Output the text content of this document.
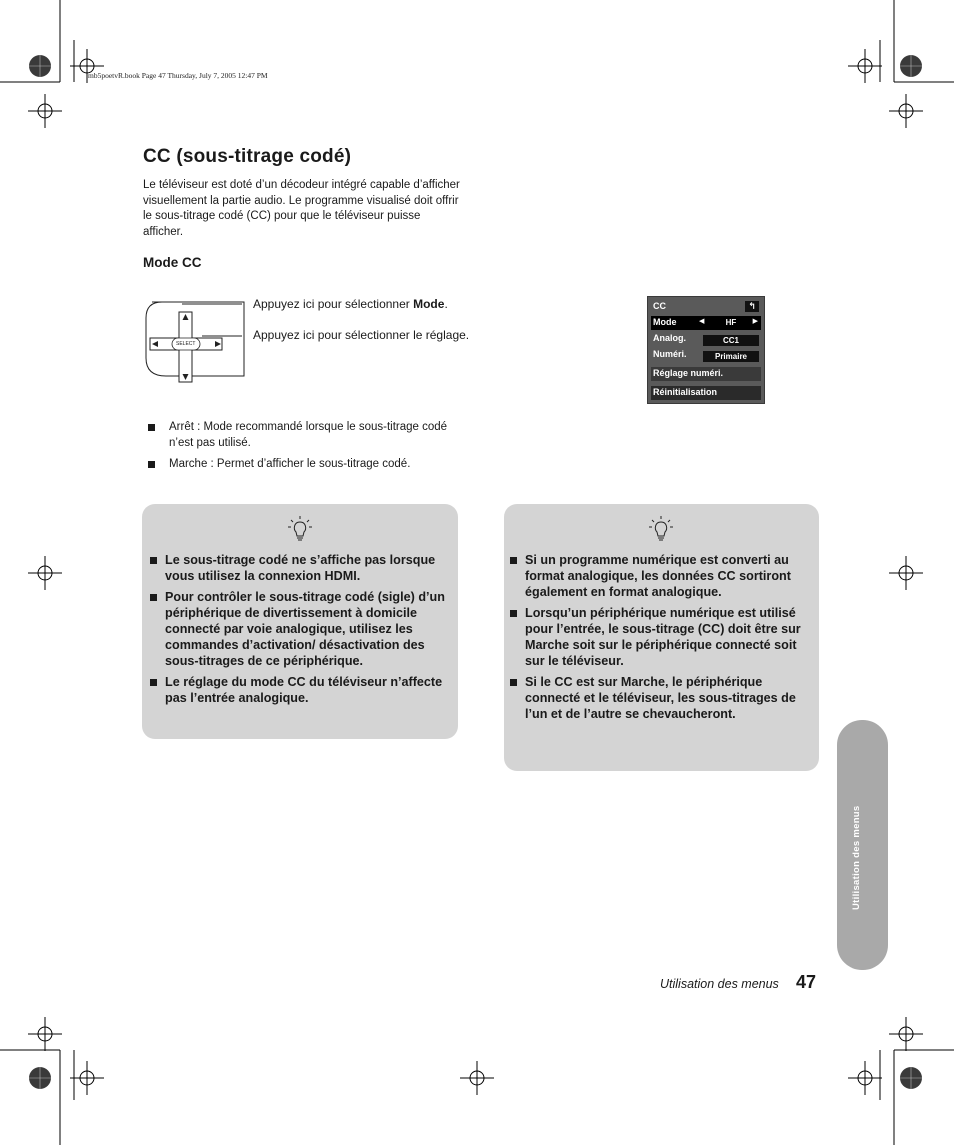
mb5poetvR.book Page 47 Thursday, July 7, 2005 12:47 PM
CC (sous-titrage codé)
Le téléviseur est doté d’un décodeur intégré capable d’afficher visuellement la partie audio. Le programme visualisé doit offrir le sous-titrage codé (CC) pour que le téléviseur puisse afficher.
Mode CC
SELECT
Appuyez ici pour sélectionner Mode.
Appuyez ici pour sélectionner le réglage.
CC	↰
Mode	◀	HF	▶
Analog.	CC1
Numéri.	Primaire
Réglage numéri.
Réinitialisation
Arrêt : Mode recommandé lorsque le sous-titrage codé n’est pas utilisé.
Marche : Permet d’afficher le sous-titrage codé.
Le sous-titrage codé ne s’affiche pas lorsque vous utilisez la connexion HDMI.
Pour contrôler le sous-titrage codé (sigle) d’un périphérique de divertissement à domicile connecté par voie analogique, utilisez les commandes d’activation/ désactivation des sous-titrages de ce périphérique.
Le réglage du mode CC du téléviseur n’affecte pas l’entrée analogique.
Si un programme numérique est converti au format analogique, les données CC sortiront également en format analogique.
Lorsqu’un périphérique numérique est utilisé pour l’entrée, le sous-titrage (CC) doit être sur Marche soit sur le périphérique connecté soit sur le téléviseur.
Si le CC est sur Marche, le périphérique connecté et le téléviseur, les sous-titrages de l’un et de l’autre se chevaucheront.
Utilisation des menus
Utilisation des menus 47
